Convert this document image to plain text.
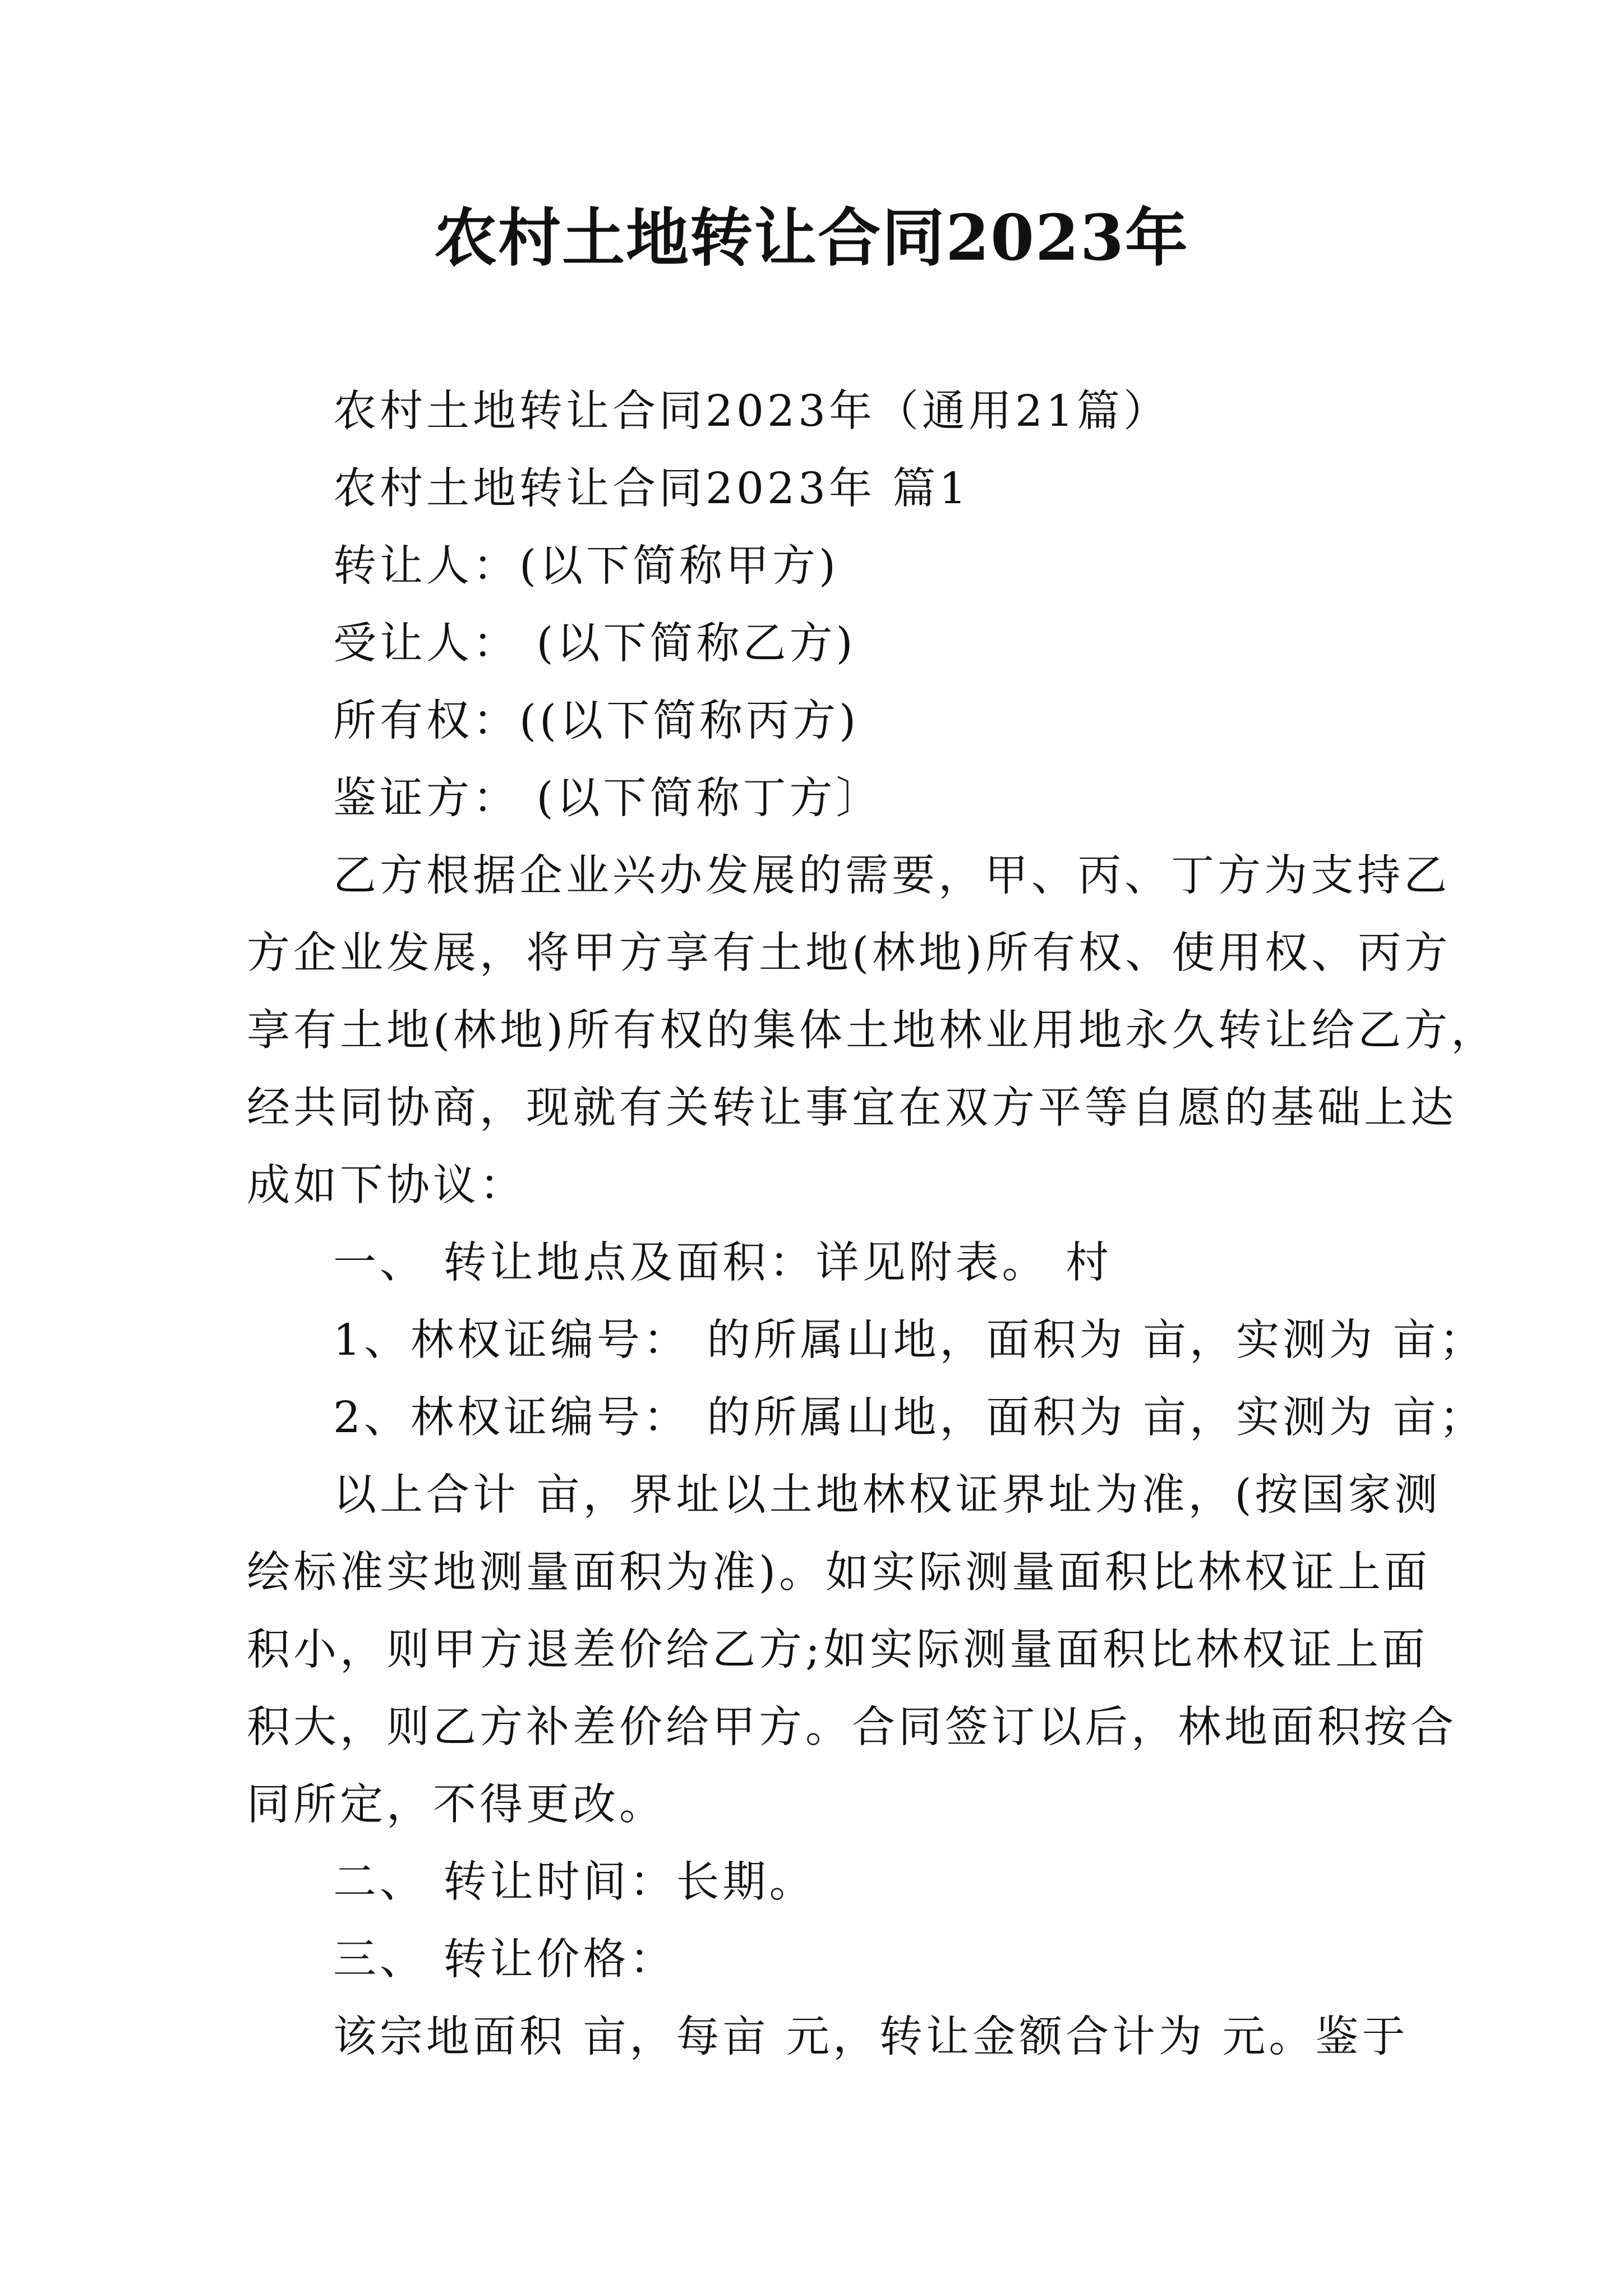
农村土地转让合同2023年
农村土地转让合同2023年（通用21篇）
农村土地转让合同2023年 篇1
转让人：(以下简称甲方)
受让人： (以下简称乙方)
所有权：((以下简称丙方)
鉴证方： (以下简称丁方〕
乙方根据企业兴办发展的需要，甲、丙、丁方为支持乙
方企业发展，将甲方享有土地(林地)所有权、使用权、丙方
享有土地(林地)所有权的集体土地林业用地永久转让给乙方，
经共同协商，现就有关转让事宜在双方平等自愿的基础上达
成如下协议：
一、 转让地点及面积：详见附表。 村
1、林权证编号： 的所属山地，面积为 亩，实测为 亩；
2、林权证编号： 的所属山地，面积为 亩，实测为 亩；
以上合计 亩，界址以土地林权证界址为准，(按国家测
绘标准实地测量面积为准)。如实际测量面积比林权证上面
积小，则甲方退差价给乙方;如实际测量面积比林权证上面
积大，则乙方补差价给甲方。合同签订以后，林地面积按合
同所定，不得更改。
二、 转让时间：长期。
三、 转让价格：
该宗地面积 亩，每亩 元，转让金额合计为 元。鉴于
